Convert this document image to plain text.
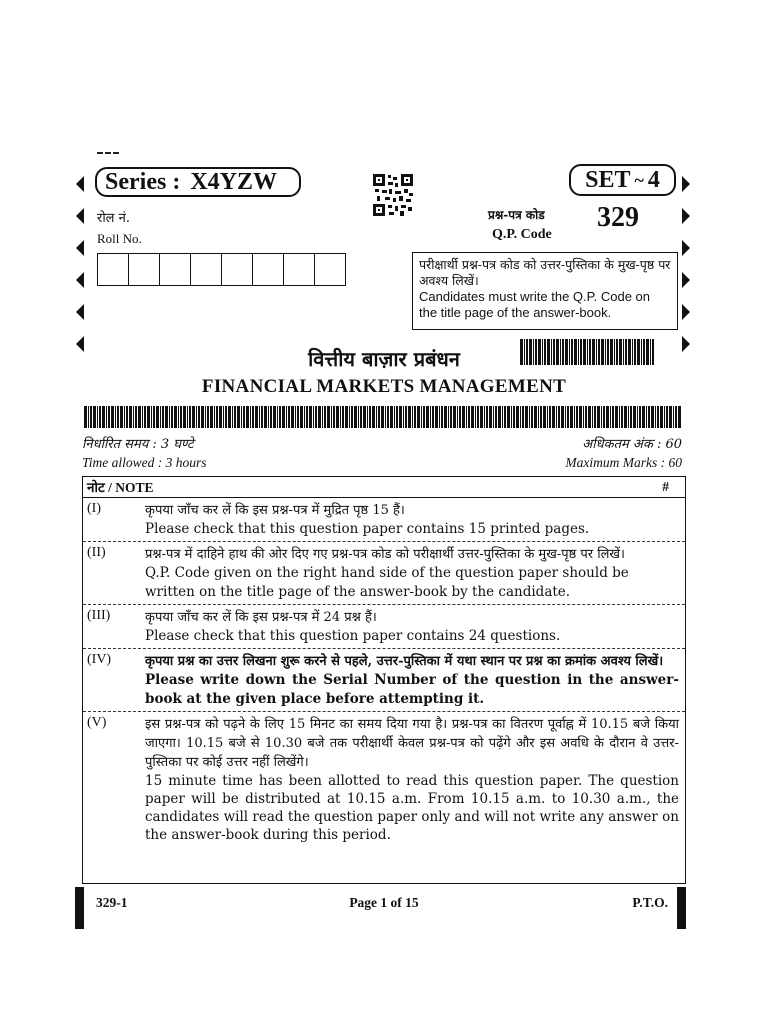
Series : X4YZW	SET ~ 4
रोल नं.
Roll No.
प्रश्न-पत्र कोड
Q.P. Code
329
परीक्षार्थी प्रश्न-पत्र कोड को उत्तर-पुस्तिका के मुख-पृष्ठ पर अवश्य लिखें।
Candidates must write the Q.P. Code on the title page of the answer-book.
वित्तीय बाज़ार प्रबंधन
FINANCIAL MARKETS MANAGEMENT
निर्धारित समय : 3 घण्टे
Time allowed : 3 hours
अधिकतम अंक : 60
Maximum Marks : 60
नोट / NOTE	#
(I)	कृपया जाँच कर लें कि इस प्रश्न-पत्र में मुद्रित पृष्ठ 15 हैं।
Please check that this question paper contains 15 printed pages.
(II)	प्रश्न-पत्र में दाहिने हाथ की ओर दिए गए प्रश्न-पत्र कोड को परीक्षार्थी उत्तर-पुस्तिका के मुख-पृष्ठ पर लिखें।
Q.P. Code given on the right hand side of the question paper should be written on the title page of the answer-book by the candidate.
(III)	कृपया जाँच कर लें कि इस प्रश्न-पत्र में 24 प्रश्न हैं।
Please check that this question paper contains 24 questions.
(IV)	कृपया प्रश्न का उत्तर लिखना शुरू करने से पहले, उत्तर-पुस्तिका में यथा स्थान पर प्रश्न का क्रमांक अवश्य लिखें।
Please write down the Serial Number of the question in the answer-book at the given place before attempting it.
(V)	इस प्रश्न-पत्र को पढ़ने के लिए 15 मिनट का समय दिया गया है। प्रश्न-पत्र का वितरण पूर्वाह्न में 10.15 बजे किया जाएगा। 10.15 बजे से 10.30 बजे तक परीक्षार्थी केवल प्रश्न-पत्र को पढ़ेंगे और इस अवधि के दौरान वे उत्तर-पुस्तिका पर कोई उत्तर नहीं लिखेंगे।
15 minute time has been allotted to read this question paper. The question paper will be distributed at 10.15 a.m. From 10.15 a.m. to 10.30 a.m., the candidates will read the question paper only and will not write any answer on the answer-book during this period.
329-1	Page 1 of 15	P.T.O.
